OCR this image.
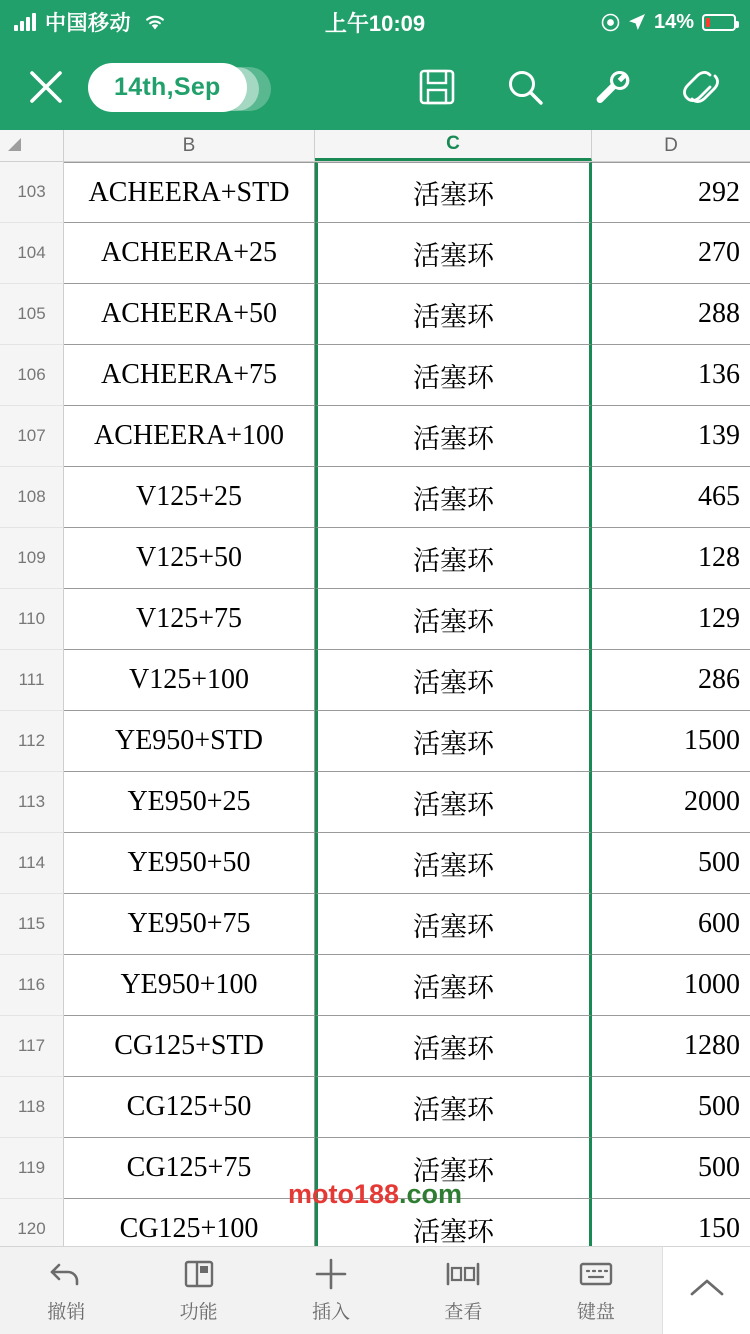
中国移动	上午10:09	14%
14th,Sep
B	C	D
103	ACHEERA+STD	活塞环	292
104	ACHEERA+25	活塞环	270
105	ACHEERA+50	活塞环	288
106	ACHEERA+75	活塞环	136
107	ACHEERA+100	活塞环	139
108	V125+25	活塞环	465
109	V125+50	活塞环	128
110	V125+75	活塞环	129
111	V125+100	活塞环	286
112	YE950+STD	活塞环	1500
113	YE950+25	活塞环	2000
114	YE950+50	活塞环	500
115	YE950+75	活塞环	600
116	YE950+100	活塞环	1000
117	CG125+STD	活塞环	1280
118	CG125+50	活塞环	500
119	CG125+75	活塞环	500
120	CG125+100	活塞环	150
moto188.com
撤销	功能	插入	查看	键盘
